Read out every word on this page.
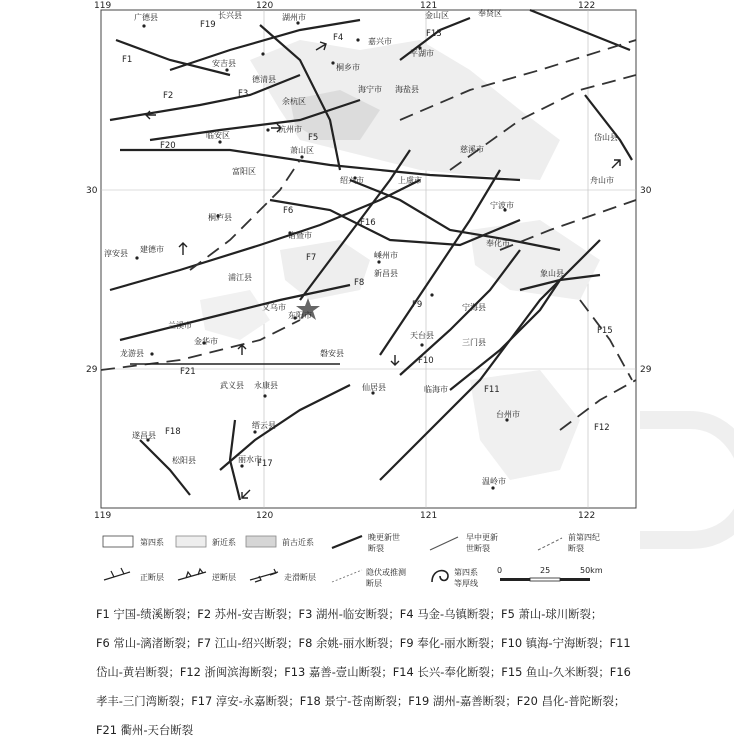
119	120	121	122
119	120	121	122
30
29
30
29
F1
F2	F3
F4
F5
F6
F7
F8
F9
F10
F11
F12
F13
F15
F16
F17
F18
F19
F20
F21
广德县	长兴县	湖州市
嘉兴市
金山区	奉贤区
安吉县	桐乡市
平湖市
德清县
海宁市 海盐县
余杭区
杭州市
临安区
萧山区	慈溪市
岱山县
富阳区
绍兴市	上虞市	舟山市
桐庐县
诸暨市
宁波市
淳安县 建德市
嵊州市
奉化市
新昌县	象山县
浦江县
义乌市
东阳市
兰溪市
金华市
宁海县
天台县
三门县
磐安县
龙游县
武义县 永康县	仙居县	临海市
台州市
缙云县
遂昌县
松阳县	丽水市
温岭市
第四系	新近系	前古近系
晚更新世
断裂
早中更新
世断裂
前第四纪
断裂
正断层	逆断层	走滑断层
隐伏或推测
断层
第四系
等厚线
0	25	50km
F1 宁国-绩溪断裂；F2 苏州-安吉断裂；F3 湖州-临安断裂；F4 马金-乌镇断裂；F5 萧山-球川断裂；
F6 常山-漓渚断裂；F7 江山-绍兴断裂；F8 余姚-丽水断裂；F9 奉化-丽水断裂；F10 镇海-宁海断裂；F11
岱山-黄岩断裂；F12 浙闽滨海断裂；F13 嘉善-壹山断裂；F14 长兴-奉化断裂；F15 鱼山-久米断裂；F16
孝丰-三门湾断裂；F17 淳安-永嘉断裂；F18 景宁-苍南断裂；F19 湖州-嘉善断裂；F20 昌化-普陀断裂；
F21 衢州-天台断裂
